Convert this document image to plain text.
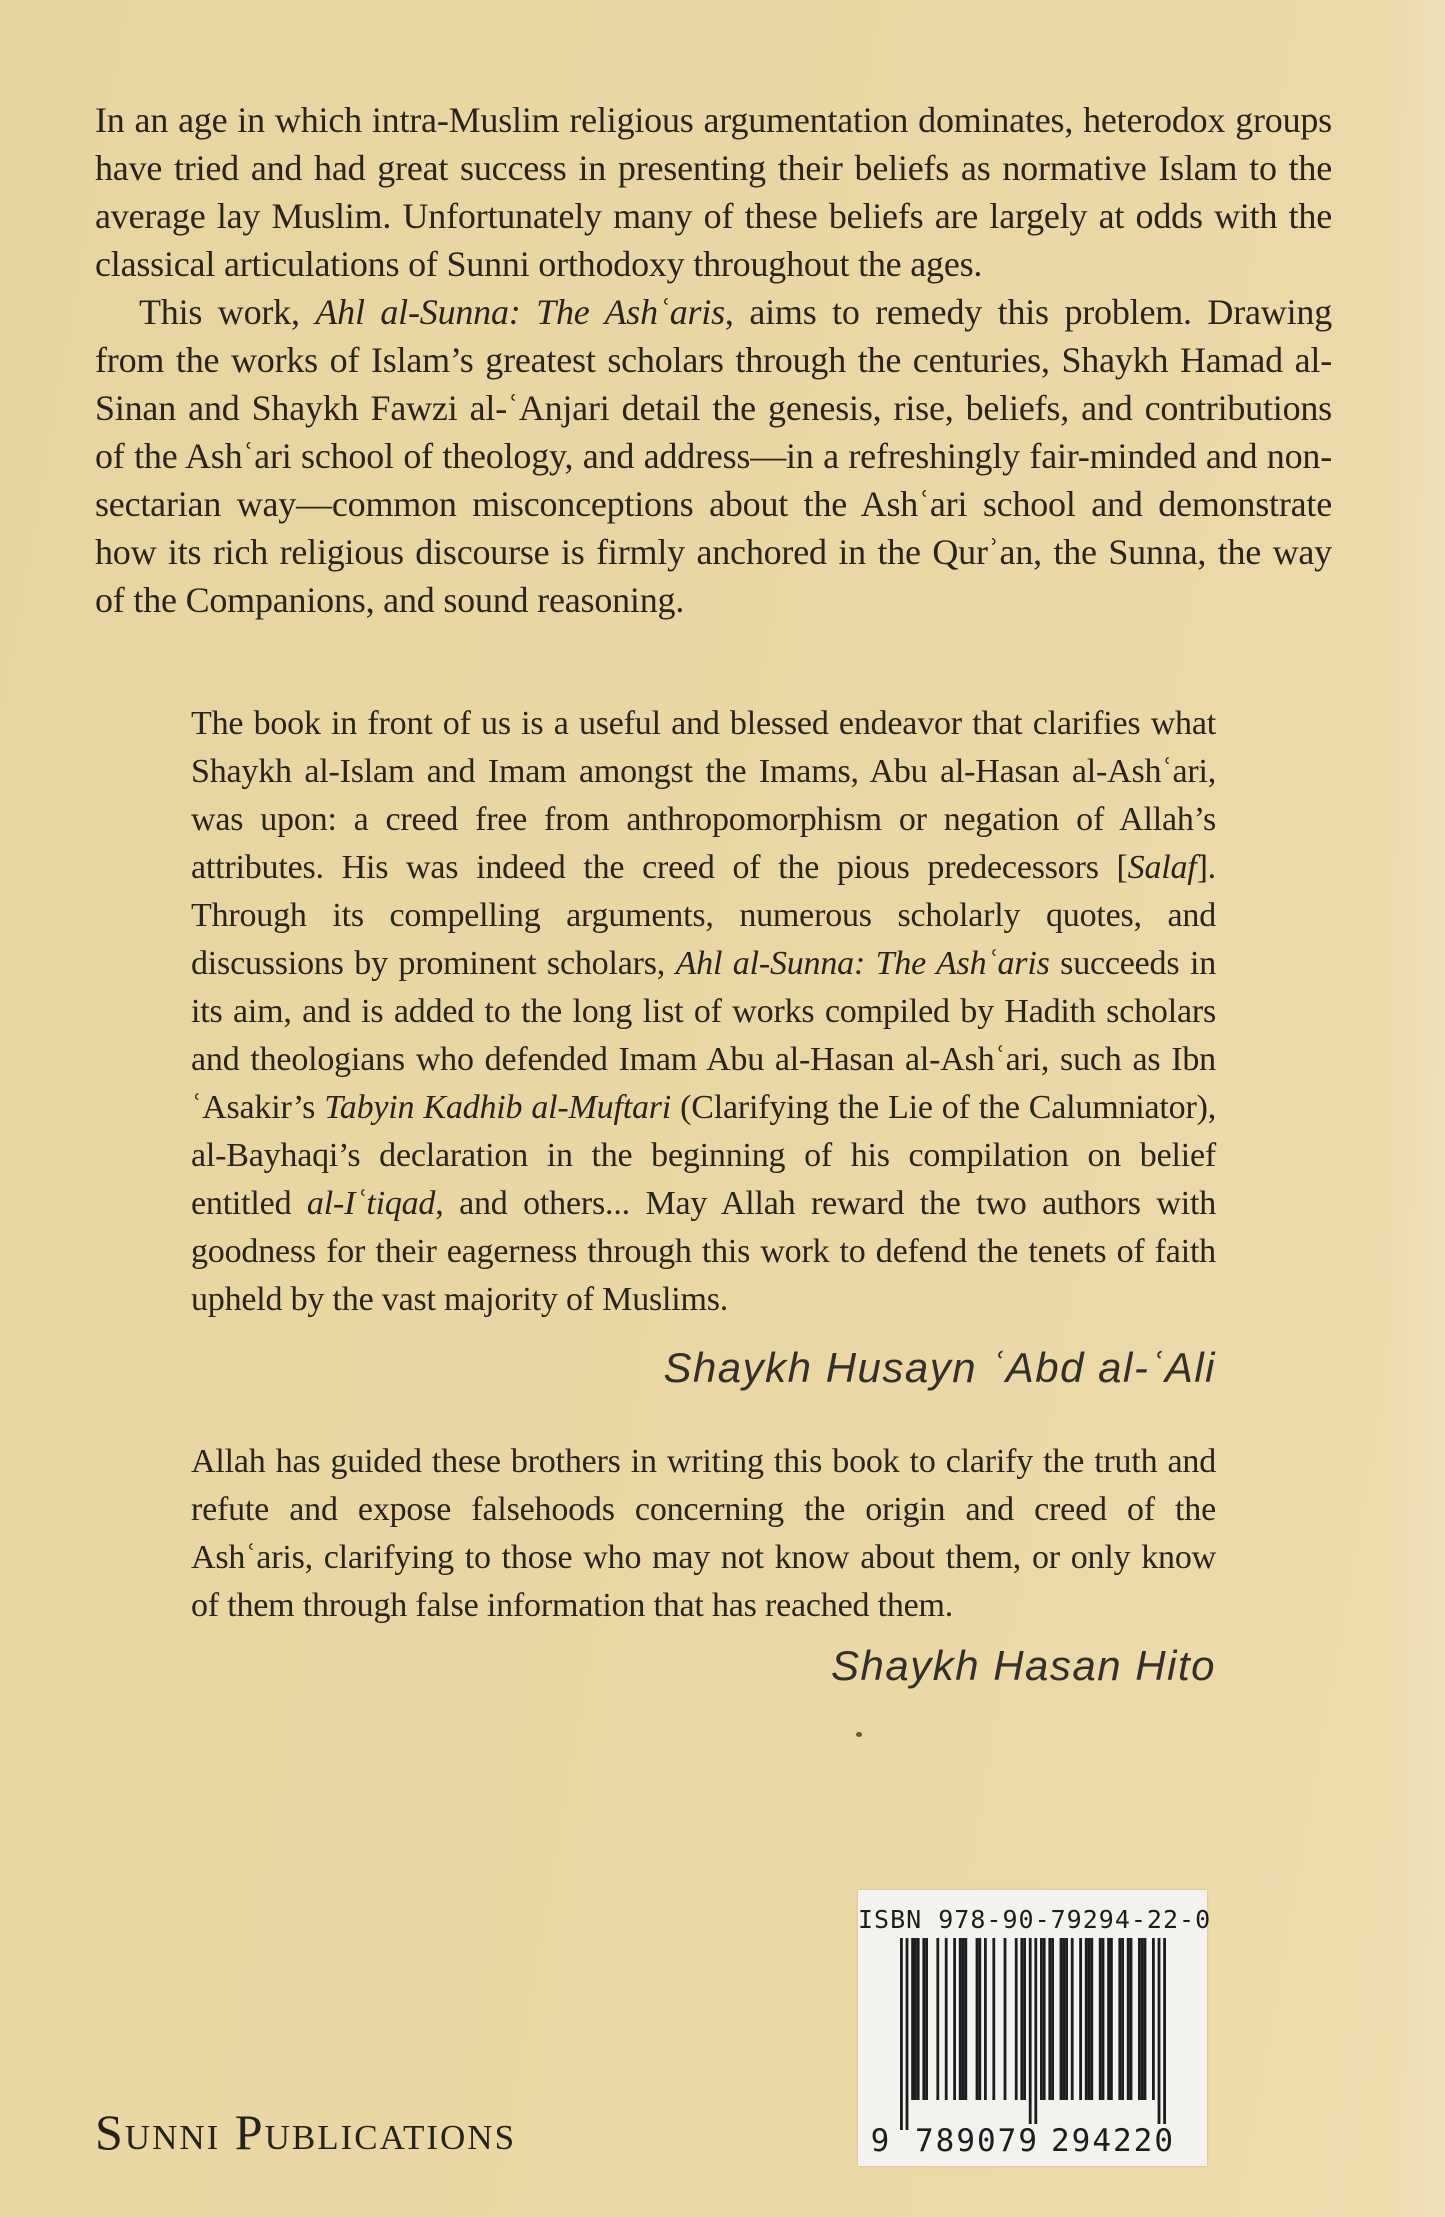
In an age in which intra-Muslim religious argumentation dominates, heterodox groups have tried and had great success in presenting their beliefs as normative Islam to the average lay Muslim. Unfortunately many of these beliefs are largely at odds with the classical articulations of Sunni orthodoxy throughout the ages.

This work, Ahl al-Sunna: The Ashʿaris, aims to remedy this problem. Drawing from the works of Islam’s greatest scholars through the centuries, Shaykh Hamad al-Sinan and Shaykh Fawzi al-ʿAnjari detail the genesis, rise, beliefs, and contributions of the Ashʿari school of theology, and address—in a refreshingly fair-minded and non-sectarian way—common misconceptions about the Ashʿari school and demonstrate how its rich religious discourse is firmly anchored in the Qurʾan, the Sunna, the way of the Companions, and sound reasoning.

The book in front of us is a useful and blessed endeavor that clarifies what Shaykh al-Islam and Imam amongst the Imams, Abu al-Hasan al-Ashʿari, was upon: a creed free from anthropomorphism or negation of Allah’s attributes. His was indeed the creed of the pious predecessors [Salaf]. Through its compelling arguments, numerous scholarly quotes, and discussions by prominent scholars, Ahl al-Sunna: The Ashʿaris succeeds in its aim, and is added to the long list of works compiled by Hadith scholars and theologians who defended Imam Abu al-Hasan al-Ashʿari, such as Ibn ʿAsakir’s Tabyin Kadhib al-Muftari (Clarifying the Lie of the Calumniator), al-Bayhaqi’s declaration in the beginning of his compilation on belief entitled al-Iʿtiqad, and others... May Allah reward the two authors with goodness for their eagerness through this work to defend the tenets of faith upheld by the vast majority of Muslims.
Shaykh Husayn ʿAbd al-ʿAli
Allah has guided these brothers in writing this book to clarify the truth and refute and expose falsehoods concerning the origin and creed of the Ashʿaris, clarifying to those who may not know about them, or only know of them through false information that has reached them.
Shaykh Hasan Hito
ISBN 978-90-79294-22-0
9 789079 294220
Sunni Publications
